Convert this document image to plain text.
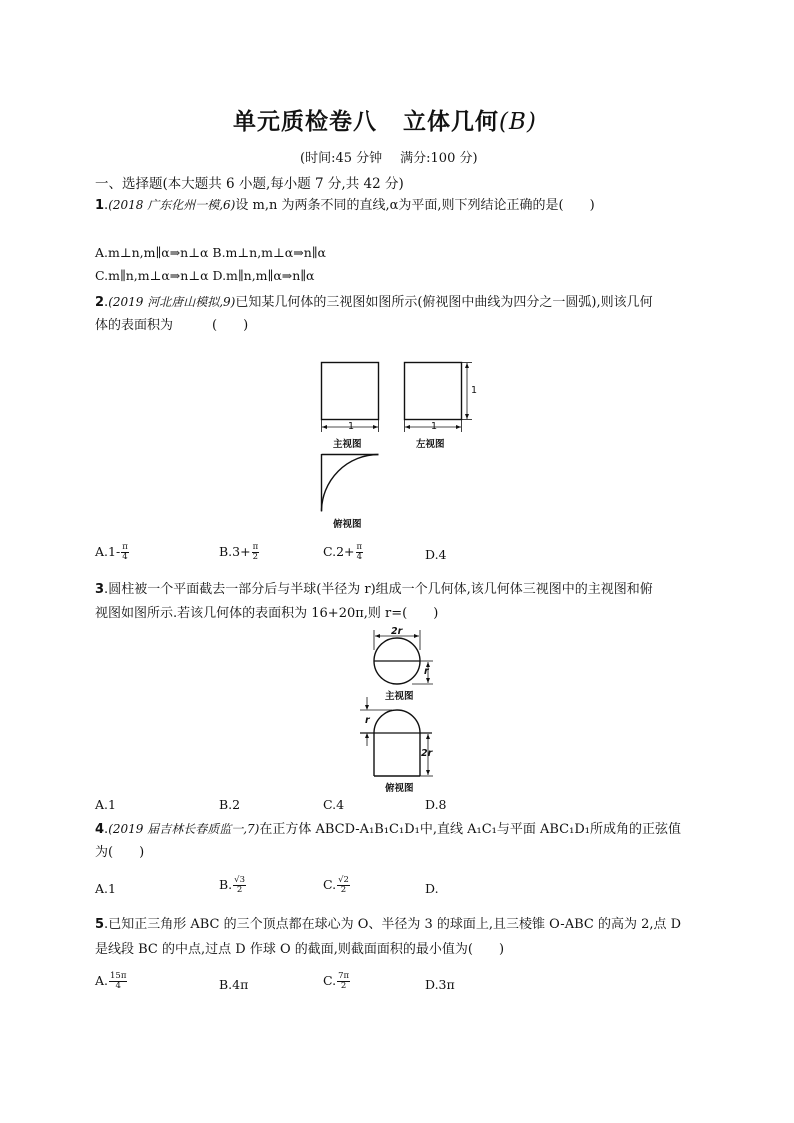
单元质检卷八 立体几何(B)
(时间:45 分钟 满分:100 分)
一、选择题(本大题共 6 小题,每小题 7 分,共 42 分)
1.(2018 广东化州一模,6)设 m,n 为两条不同的直线,α为平面,则下列结论正确的是(　　)
A.m⊥n,m∥α⇒n⊥α B.m⊥n,m⊥α⇒n∥α
C.m∥n,m⊥α⇒n⊥α D.m∥n,m∥α⇒n∥α
2.(2019 河北唐山模拟,9)已知某几何体的三视图如图所示(俯视图中曲线为四分之一圆弧),则该几何
体的表面积为　　　(　　)
1	1
1
主视图	左视图
俯视图
$A.1- \frac{\pi}{4}$	$B.3+ \frac{\pi}{2}$	$C.2+ \frac{\pi}{4}$	D.4
3.圆柱被一个平面截去一部分后与半球(半径为 r)组成一个几何体,该几何体三视图中的主视图和俯
视图如图所示.若该几何体的表面积为 16+20π,则 r=(　　)
2r
r
主视图
r
2r
俯视图
A.1	B.2	C.4	D.8
4.(2019 届吉林长春质监一,7)在正方体 ABCD-A₁B₁C₁D₁中,直线 A₁C₁与平面 ABC₁D₁所成角的正弦值
为(　　)
A.1	B. $\frac{√3}{2}$	C. $\frac{√2}{2}$	D.
5.已知正三角形 ABC 的三个顶点都在球心为 O、半径为 3 的球面上,且三棱锥 O-ABC 的高为 2,点 D
是线段 BC 的中点,过点 D 作球 O 的截面,则截面面积的最小值为(　　)
A. $\frac{15\pi}{4}$	B.4π	C. $\frac{7\pi}{2}$	D.3π
